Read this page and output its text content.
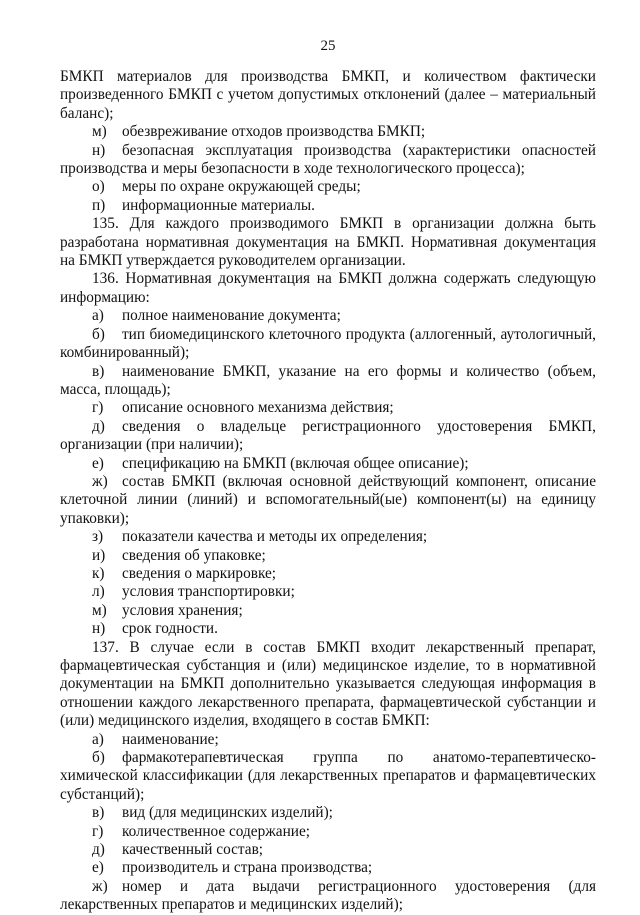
25

БМКП материалов для производства БМКП, и количеством фактически произведенного БМКП с учетом допустимых отклонений (далее – материальный баланс);

м) обезвреживание отходов производства БМКП;

н) безопасная эксплуатация производства (характеристики опасностей производства и меры безопасности в ходе технологического процесса);

о) меры по охране окружающей среды;

п) информационные материалы.

135. Для каждого производимого БМКП в организации должна быть разработана нормативная документация на БМКП. Нормативная документация на БМКП утверждается руководителем организации.

136. Нормативная документация на БМКП должна содержать следующую информацию:

а) полное наименование документа;

б) тип биомедицинского клеточного продукта (аллогенный, аутологичный, комбинированный);

в) наименование БМКП, указание на его формы и количество (объем, масса, площадь);

г) описание основного механизма действия;

д) сведения о владельце регистрационного удостоверения БМКП, организации (при наличии);

е) спецификацию на БМКП (включая общее описание);

ж) состав БМКП (включая основной действующий компонент, описание клеточной линии (линий) и вспомогательный(ые) компонент(ы) на единицу упаковки);

з) показатели качества и методы их определения;

и) сведения об упаковке;

к) сведения о маркировке;

л) условия транспортировки;

м) условия хранения;

н) срок годности.

137. В случае если в состав БМКП входит лекарственный препарат, фармацевтическая субстанция и (или) медицинское изделие, то в нормативной документации на БМКП дополнительно указывается следующая информация в отношении каждого лекарственного препарата, фармацевтической субстанции и (или) медицинского изделия, входящего в состав БМКП:

а) наименование;

б) фармакотерапевтическая группа по анатомо-терапевтическо-химической классификации (для лекарственных препаратов и фармацевтических субстанций);

в) вид (для медицинских изделий);

г) количественное содержание;

д) качественный состав;

е) производитель и страна производства;

ж) номер и дата выдачи регистрационного удостоверения (для лекарственных препаратов и медицинских изделий);
